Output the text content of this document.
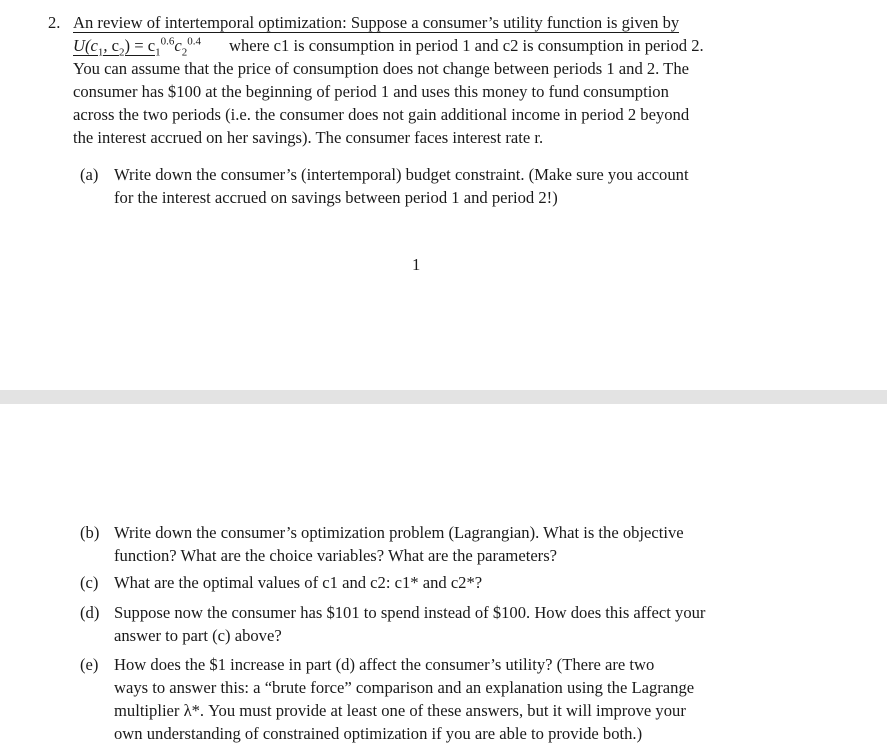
2. An review of intertemporal optimization: Suppose a consumer’s utility function is given by
$U(c_1$, $c_2) = c_1^{0.6}c_2^{0.4}$ where c1 is consumption in period 1 and c2 is consumption in period 2.
You can assume that the price of consumption does not change between periods 1 and 2. The
consumer has $100 at the beginning of period 1 and uses this money to fund consumption
across the two periods (i.e. the consumer does not gain additional income in period 2 beyond
the interest accrued on her savings). The consumer faces interest rate r.
(a) Write down the consumer’s (intertemporal) budget constraint. (Make sure you account
for the interest accrued on savings between period 1 and period 2!)
1
(b) Write down the consumer’s optimization problem (Lagrangian). What is the objective
function? What are the choice variables? What are the parameters?
(c) What are the optimal values of c1 and c2: c1* and c2*?
(d) Suppose now the consumer has $101 to spend instead of $100. How does this affect your
answer to part (c) above?
(e) How does the $1 increase in part (d) affect the consumer’s utility? (There are two
ways to answer this: a “brute force” comparison and an explanation using the Lagrange
multiplier λ*. You must provide at least one of these answers, but it will improve your
own understanding of constrained optimization if you are able to provide both.)
